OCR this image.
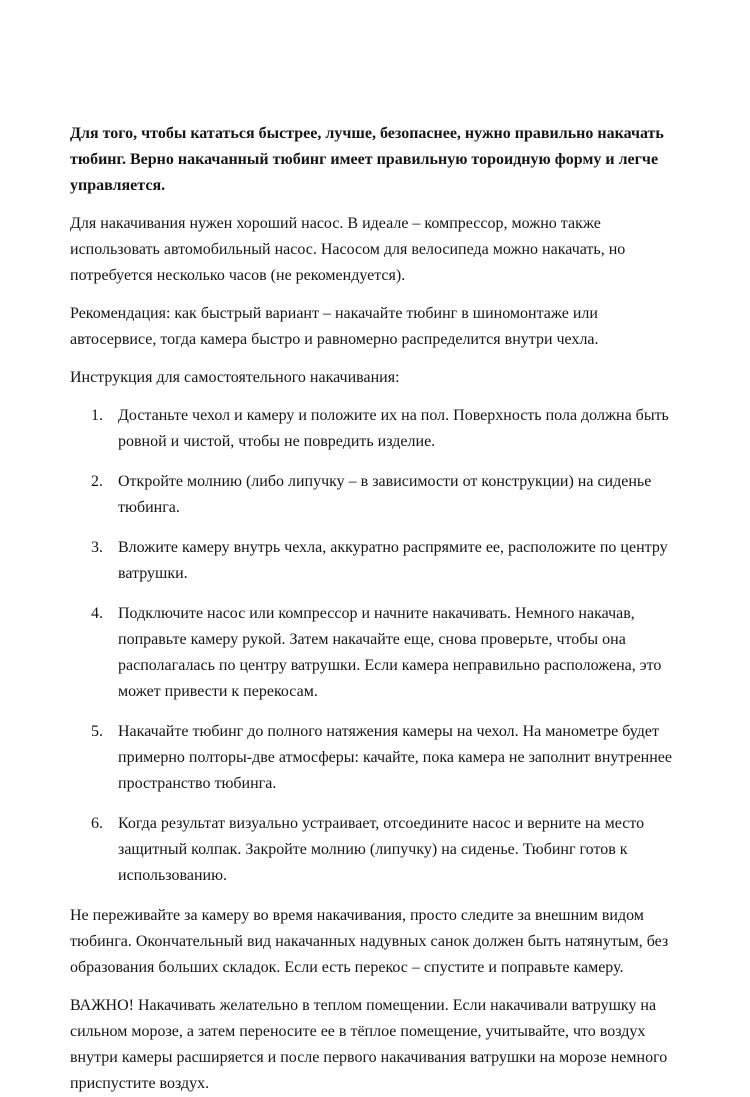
Для того, чтобы кататься быстрее, лучше, безопаснее, нужно правильно накачать тюбинг. Верно накачанный тюбинг имеет правильную тороидную форму и легче управляется.

Для накачивания нужен хороший насос. В идеале – компрессор, можно также использовать автомобильный насос. Насосом для велосипеда можно накачать, но потребуется несколько часов (не рекомендуется).

Рекомендация: как быстрый вариант – накачайте тюбинг в шиномонтаже или автосервисе, тогда камера быстро и равномерно распределится внутри чехла.

Инструкция для самостоятельного накачивания:

1. Достаньте чехол и камеру и положите их на пол. Поверхность пола должна быть ровной и чистой, чтобы не повредить изделие.
2. Откройте молнию (либо липучку – в зависимости от конструкции) на сиденье тюбинга.
3. Вложите камеру внутрь чехла, аккуратно распрямите ее, расположите по центру ватрушки.
4. Подключите насос или компрессор и начните накачивать. Немного накачав, поправьте камеру рукой. Затем накачайте еще, снова проверьте, чтобы она располагалась по центру ватрушки. Если камера неправильно расположена, это может привести к перекосам.
5. Накачайте тюбинг до полного натяжения камеры на чехол. На манометре будет примерно полторы-две атмосферы: качайте, пока камера не заполнит внутреннее пространство тюбинга.
6. Когда результат визуально устраивает, отсоедините насос и верните на место защитный колпак. Закройте молнию (липучку) на сиденье. Тюбинг готов к использованию.

Не переживайте за камеру во время накачивания, просто следите за внешним видом тюбинга. Окончательный вид накачанных надувных санок должен быть натянутым, без образования больших складок. Если есть перекос – спустите и поправьте камеру.

ВАЖНО! Накачивать желательно в теплом помещении. Если накачивали ватрушку на сильном морозе, а затем переносите ее в тёплое помещение, учитывайте, что воздух внутри камеры расширяется и после первого накачивания ватрушки на морозе немного приспустите воздух.
